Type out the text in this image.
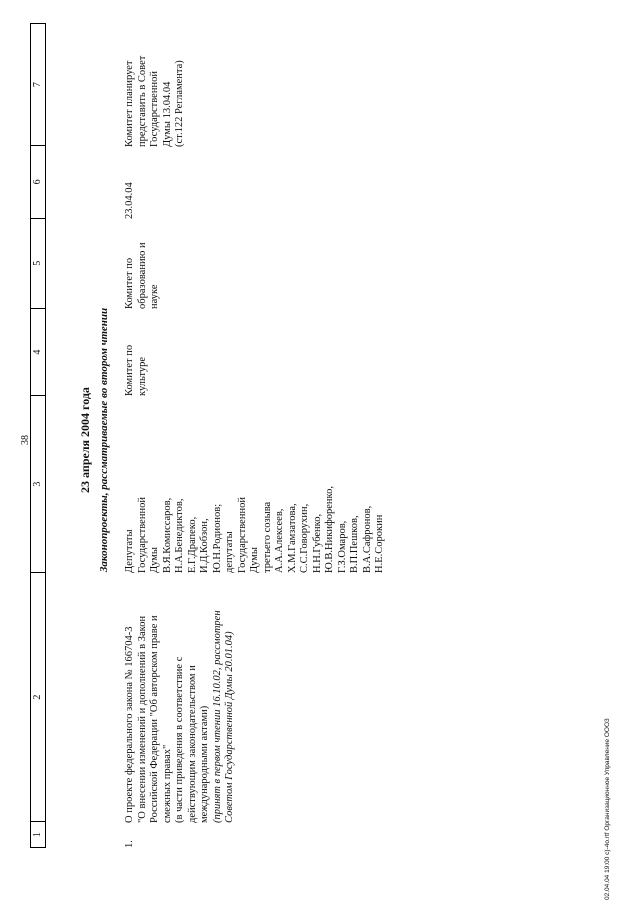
38
1
2
3
4
5
6
7
23 апреля 2004 года Законопроекты, рассматриваемые во втором чтении
1.
О проекте федерального закона № 166704-3 "О внесении изменений и дополнений в Закон Российской Федерации "Об авторском праве и смежных правах" (в части приведения в соответствие с действующим законодательством и международными актами) (принят в первом чтении 16.10.02, рассмотрен Советом Государственной Думы 20.01.04)
Депутаты Государственной Думы В.Я.Комиссаров, Н.А.Бенедиктов, Е.Г.Драпеко, И.Д.Кобзон, Ю.Н.Родионов; депутаты Государственной Думы третьего созыва А.А.Алексеев, Х.М.Гамзатова, С.С.Говорухин, Н.Н.Губенко, Ю.В.Никифоренко, Г.З.Омаров, В.П.Пешков, В.А.Сафронов, Н.Е.Сорокин
Комитет по культуре
Комитет по образованию и науке
23.04.04
Комитет планирует представить в Совет Государственной Думы 13.04.04 (ст.122 Регламента)
02.04.04 19:00 с)-4о.rtf Организационное Управление ООО3
